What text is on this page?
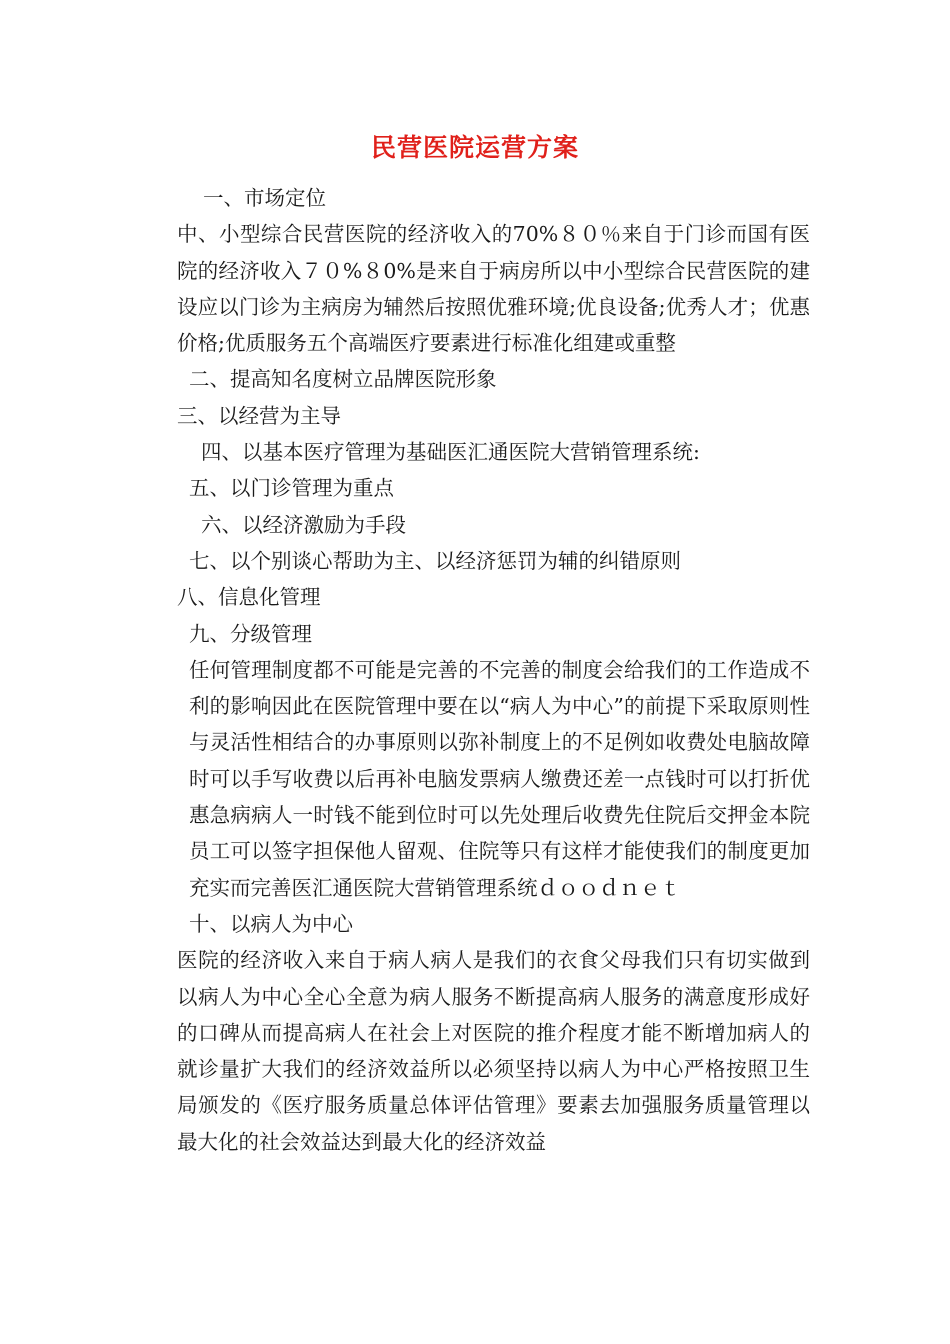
民营医院运营方案
一、市场定位
中、小型综合民营医院的经济收入的70%８０％来自于门诊而国有医院的经济收入７０%８0%是来自于病房所以中小型综合民营医院的建设应以门诊为主病房为辅然后按照优雅环境;优良设备;优秀人才；优惠价格;优质服务五个高端医疗要素进行标准化组建或重整
二、提高知名度树立品牌医院形象
三、以经营为主导
四、以基本医疗管理为基础医汇通医院大营销管理系统:
五、以门诊管理为重点
六、以经济激励为手段
七、以个别谈心帮助为主、以经济惩罚为辅的纠错原则
八、信息化管理
九、分级管理
任何管理制度都不可能是完善的不完善的制度会给我们的工作造成不利的影响因此在医院管理中要在以“病人为中心”的前提下采取原则性与灵活性相结合的办事原则以弥补制度上的不足例如收费处电脑故障时可以手写收费以后再补电脑发票病人缴费还差一点钱时可以打折优惠急病病人一时钱不能到位时可以先处理后收费先住院后交押金本院员工可以签字担保他人留观、住院等只有这样才能使我们的制度更加充实而完善医汇通医院大营销管理系统ｄｏｏｄｎｅｔ
十、以病人为中心
医院的经济收入来自于病人病人是我们的衣食父母我们只有切实做到以病人为中心全心全意为病人服务不断提高病人服务的满意度形成好的口碑从而提高病人在社会上对医院的推介程度才能不断增加病人的就诊量扩大我们的经济效益所以必须坚持以病人为中心严格按照卫生局颁发的《医疗服务质量总体评估管理》要素去加强服务质量管理以最大化的社会效益达到最大化的经济效益
